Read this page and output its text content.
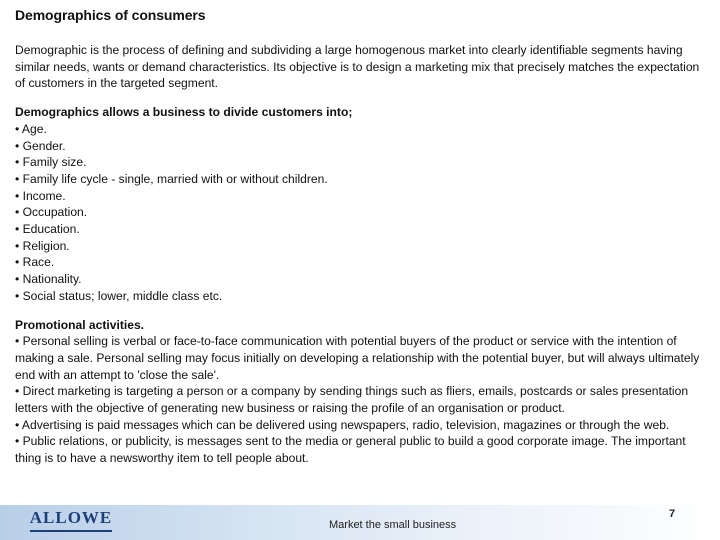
Demographics of consumers

Demographic is the process of defining and subdividing a large homogenous market into clearly identifiable segments having similar needs, wants or demand characteristics. Its objective is to design a marketing mix that precisely matches the expectation of customers in the targeted segment.

Demographics allows a business to divide customers into;

• Age.
• Gender.
• Family size.
• Family life cycle - single, married with or without children.
• Income.
• Occupation.
• Education.
• Religion.
• Race.
• Nationality.
• Social status; lower, middle class etc.

Promotional activities.

• Personal selling is verbal or face-to-face communication with potential buyers of the product or service with the intention of making a sale. Personal selling may focus initially on developing a relationship with the potential buyer, but will always ultimately end with an attempt to 'close the sale'.
• Direct marketing is targeting a person or a company by sending things such as fliers, emails, postcards or sales presentation letters with the objective of generating new business or raising the profile of an organisation or product.
• Advertising is paid messages which can be delivered using newspapers, radio, television, magazines or through the web.
• Public relations, or publicity, is messages sent to the media or general public to build a good corporate image. The important thing is to have a newsworthy item to tell people about.
ALLOWE	Market the small business
7
